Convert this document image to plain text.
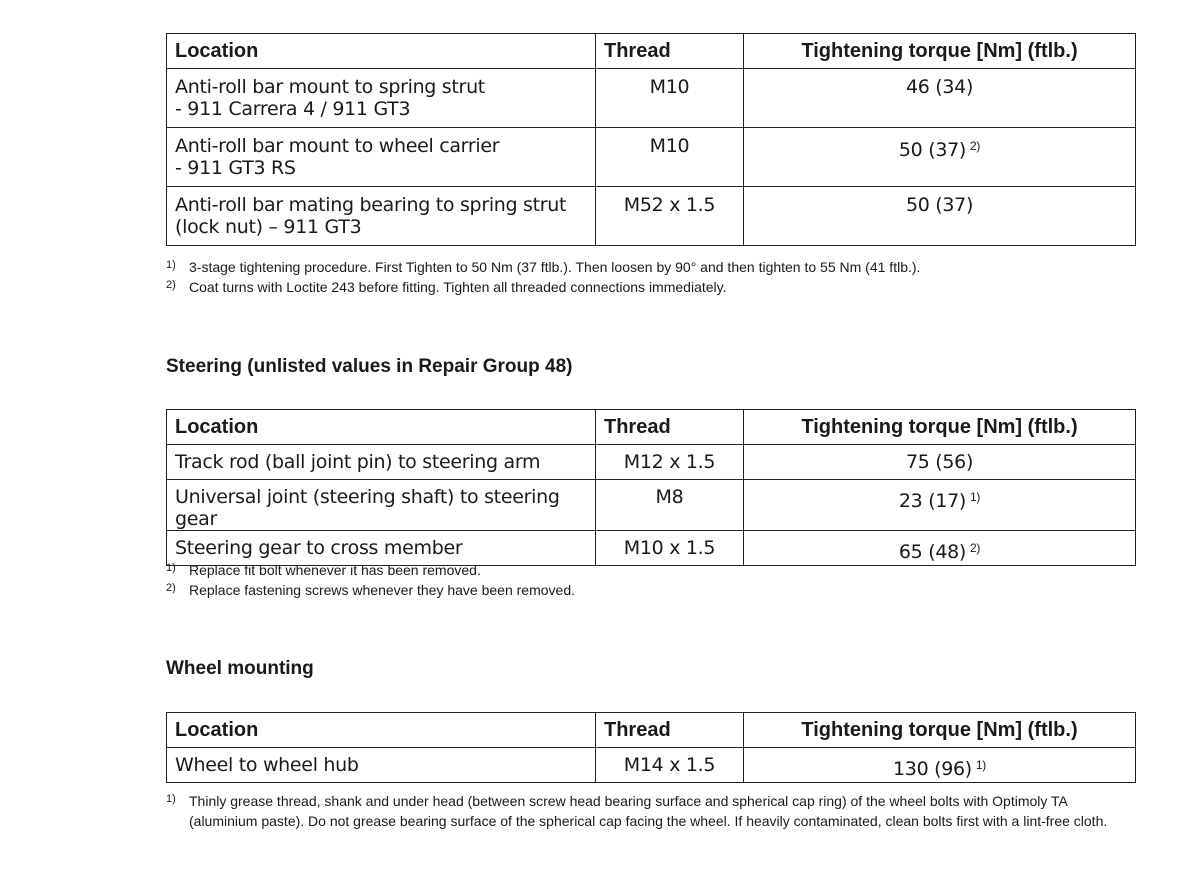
Location	Thread	Tightening torque [Nm] (ftlb.)

Anti-roll bar mount to spring strut
- 911 Carrera 4 / 911 GT3	M10	46 (34)

Anti-roll bar mount to wheel carrier
- 911 GT3 RS	M10	50 (37) $^{2)}$

Anti-roll bar mating bearing to spring strut
(lock nut) – 911 GT3	M52 x 1.5	50 (37)
1) 3-stage tightening procedure. First Tighten to 50 Nm (37 ftlb.). Then loosen by 90° and then tighten to 55 Nm (41 ftlb.).
2) Coat turns with Loctite 243 before fitting. Tighten all threaded connections immediately.
Steering (unlisted values in Repair Group 48)
Location	Thread	Tightening torque [Nm] (ftlb.)
Track rod (ball joint pin) to steering arm	M12 x 1.5	75 (56)
Universal joint (steering shaft) to steering gear	M8	23 (17) $^{1)}$
Steering gear to cross member	M10 x 1.5	65 (48) $^{2)}$
1) Replace fit bolt whenever it has been removed.
2) Replace fastening screws whenever they have been removed.
Wheel mounting
Location	Thread	Tightening torque [Nm] (ftlb.)
Wheel to wheel hub	M14 x 1.5	130 (96) $^{1)}$
1) Thinly grease thread, shank and under head (between screw head bearing surface and spherical cap ring) of the wheel bolts with Optimoly TA (aluminium paste). Do not grease bearing surface of the spherical cap facing the wheel. If heavily contaminated, clean bolts first with a lint-free cloth.
